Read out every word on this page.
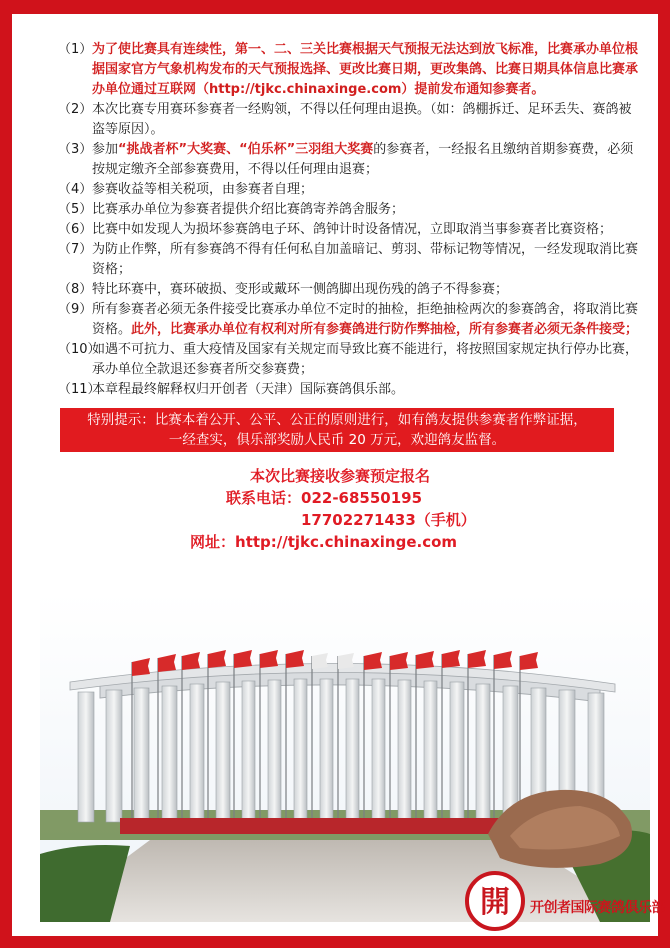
（1） 为了使比赛具有连续性，第一、二、三关比赛根据天气预报无法达到放飞标准，比赛承办单位根据国家官方气象机构发布的天气预报选择、更改比赛日期，更改集鸽、比赛日期具体信息比赛承办单位通过互联网（http://tjkc.chinaxinge.com）提前发布通知参赛者。
（2） 本次比赛专用赛环参赛者一经购领，不得以任何理由退换。（如：鸽棚拆迁、足环丢失、赛鸽被盗等原因）。
（3） 参加“挑战者杯”大奖赛、“伯乐杯”三羽组大奖赛的参赛者，一经报名且缴纳首期参赛费，必须按规定缴齐全部参赛费用，不得以任何理由退赛；
（4） 参赛收益等相关税项，由参赛者自理；
（5） 比赛承办单位为参赛者提供介绍比赛鸽寄养鸽舍服务；
（6） 比赛中如发现人为损坏参赛鸽电子环、鸽钟计时设备情况，立即取消当事参赛者比赛资格；
（7） 为防止作弊，所有参赛鸽不得有任何私自加盖暗记、剪羽、带标记物等情况，一经发现取消比赛资格；
（8） 特比环赛中，赛环破损、变形或戴环一侧鸽脚出现伤残的鸽子不得参赛；
（9） 所有参赛者必须无条件接受比赛承办单位不定时的抽检，拒绝抽检两次的参赛鸽舍，将取消比赛资格。此外，比赛承办单位有权利对所有参赛鸽进行防作弊抽检，所有参赛者必须无条件接受；
（10）
如遇不可抗力、重大疫情及国家有关规定而导致比赛不能进行，将按照国家规定执行停办比赛，承办单位全款退还参赛者所交参赛费；
（11）
本章程最终解释权归开创者（天津）国际赛鸽俱乐部。
特别提示：比赛本着公开、公平、公正的原则进行，如有鸽友提供参赛者作弊证据，
一经查实，俱乐部奖励人民币 20 万元，欢迎鸽友监督。
本次比赛接收参赛预定报名
联系电话：022-68550195
17702271433（手机）
网址：http://tjkc.chinaxinge.com
開 开创者国际赛鸽俱乐部
